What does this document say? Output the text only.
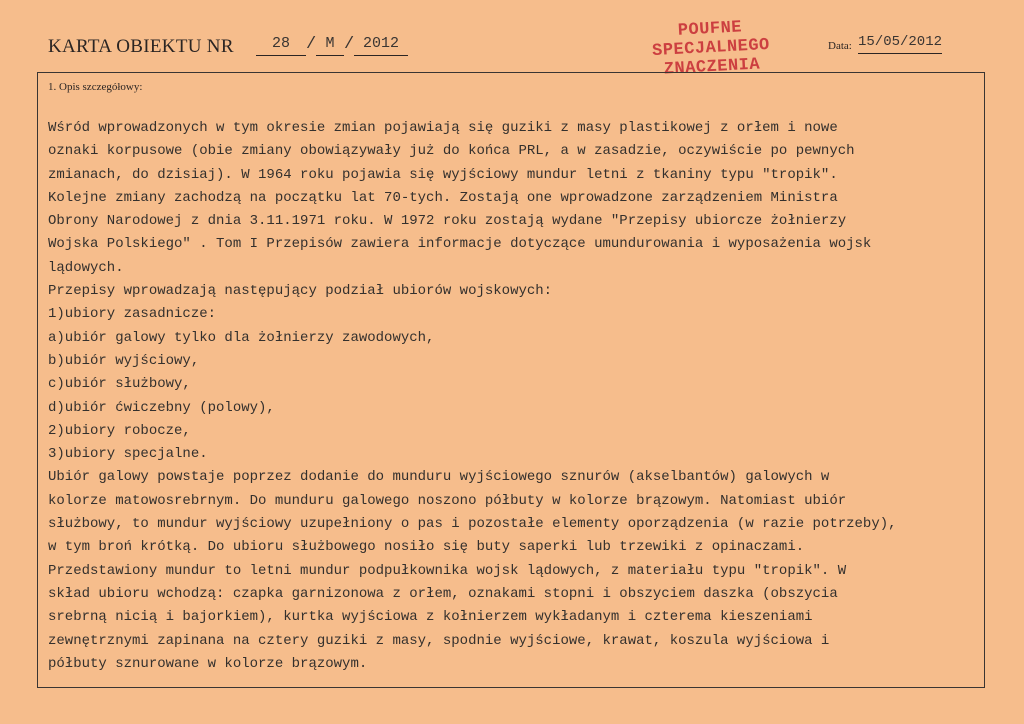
KARTA OBIEKTU NR	28 / M / 2012
POUFNE
SPECJALNEGO
ZNACZENIA
Data: 15/05/2012
1. Opis szczegółowy:
Wśród wprowadzonych w tym okresie zmian pojawiają się guziki z masy plastikowej z orłem i nowe
oznaki korpusowe (obie zmiany obowiązywały już do końca PRL, a w zasadzie, oczywiście po pewnych
zmianach, do dzisiaj). W 1964 roku pojawia się wyjściowy mundur letni z tkaniny typu "tropik".
Kolejne zmiany zachodzą na początku lat 70-tych. Zostają one wprowadzone zarządzeniem Ministra
Obrony Narodowej z dnia 3.11.1971 roku. W 1972 roku zostają wydane "Przepisy ubiorcze żołnierzy
Wojska Polskiego" . Tom I Przepisów zawiera informacje dotyczące umundurowania i wyposażenia wojsk
lądowych.
Przepisy wprowadzają następujący podział ubiorów wojskowych:
1)ubiory zasadnicze:
a)ubiór galowy tylko dla żołnierzy zawodowych,
b)ubiór wyjściowy,
c)ubiór służbowy,
d)ubiór ćwiczebny (polowy),
2)ubiory robocze,
3)ubiory specjalne.
Ubiór galowy powstaje poprzez dodanie do munduru wyjściowego sznurów (akselbantów) galowych w
kolorze matowosrebrnym. Do munduru galowego noszono półbuty w kolorze brązowym. Natomiast ubiór
służbowy, to mundur wyjściowy uzupełniony o pas i pozostałe elementy oporządzenia (w razie potrzeby),
w tym broń krótką. Do ubioru służbowego nosiło się buty saperki lub trzewiki z opinaczami.
Przedstawiony mundur to letni mundur podpułkownika wojsk lądowych, z materiału typu "tropik". W
skład ubioru wchodzą: czapka garnizonowa z orłem, oznakami stopni i obszyciem daszka (obszycia
srebrną nicią i bajorkiem), kurtka wyjściowa z kołnierzem wykładanym i czterema kieszeniami
zewnętrznymi zapinana na cztery guziki z masy, spodnie wyjściowe, krawat, koszula wyjściowa i
półbuty sznurowane w kolorze brązowym.
